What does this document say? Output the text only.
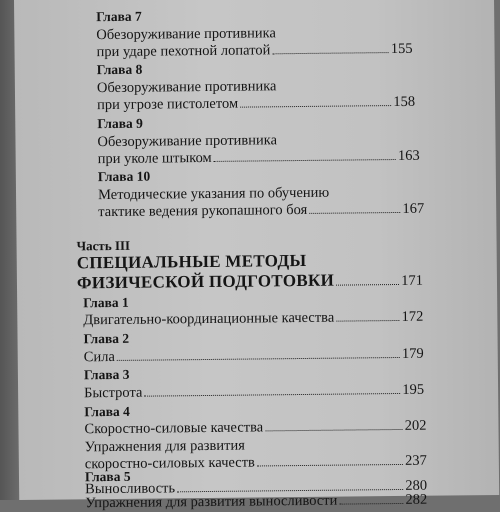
Глава 7
Обезоруживание противника
при ударе пехотной лопатой	155
Глава 8
Обезоруживание противника
при угрозе пистолетом	158
Глава 9
Обезоруживание противника
при уколе штыком	163
Глава 10
Методические указания по обучению
тактике ведения рукопашного боя	167
Часть III
СПЕЦИАЛЬНЫЕ МЕТОДЫ
ФИЗИЧЕСКОЙ ПОДГОТОВКИ	171
Глава 1
Двигательно-координационные качества	172
Глава 2
Сила	179
Глава 3
Быстрота	195
Глава 4
Скоростно-силовые качества	202
Упражнения для развития
скоростно-силовых качеств	237
Глава 5
Выносливость	280
Упражнения для развития выносливости	282
